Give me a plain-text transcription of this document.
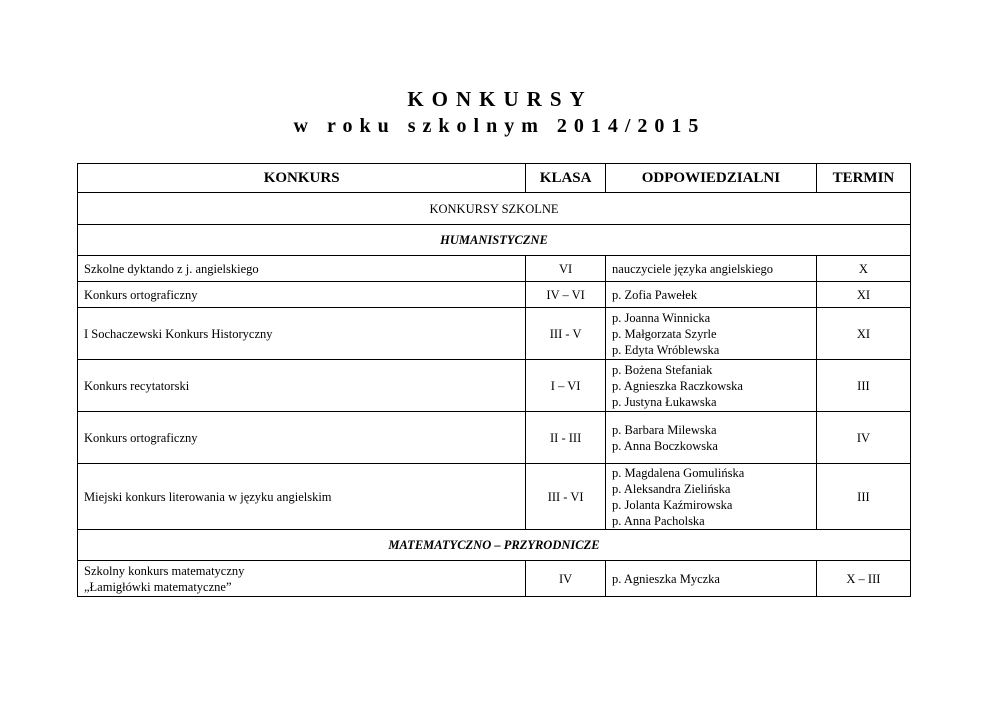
KONKURSY
w roku szkolnym 2014/2015
KONKURS	KLASA	ODPOWIEDZIALNI	TERMIN
KONKURSY SZKOLNE			
HUMANISTYCZNE			

Szkolne dyktando z j. angielskiego	VI	nauczyciele języka angielskiego	X

Konkurs ortograficzny	IV – VI	p. Zofia Pawełek	XI

I Sochaczewski Konkurs Historyczny	III - V	p. Joanna Winnicka
p. Małgorzata Szyrle
p. Edyta Wróblewska	XI

Konkurs recytatorski	I – VI	p. Bożena Stefaniak
p. Agnieszka Raczkowska
p. Justyna Łukawska	III

Konkurs ortograficzny	II - III	p. Barbara Milewska
p. Anna Boczkowska	IV

Miejski konkurs literowania w języku angielskim	III - VI	p. Magdalena Gomulińska
p. Aleksandra Zielińska
p. Jolanta Kaźmirowska
p. Anna Pacholska	III
MATEMATYCZNO – PRZYRODNICZE			

Szkolny konkurs matematyczny
„Łamigłówki matematyczne”	IV	p. Agnieszka Myczka	X – III
